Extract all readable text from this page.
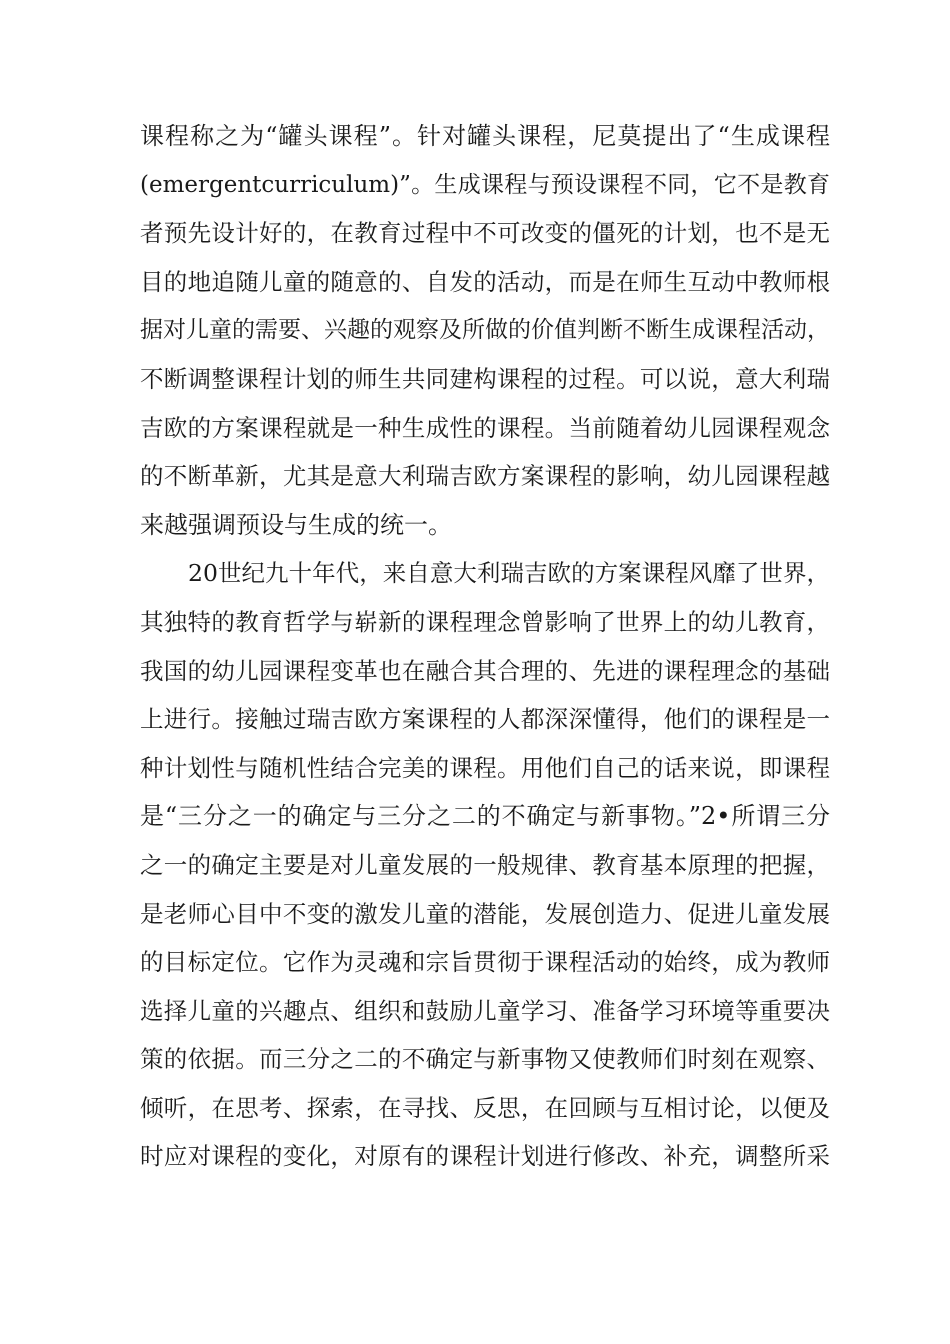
课程称之为“罐头课程”。针对罐头课程，尼莫提出了“生成课程
(emergentcurriculum)”。生成课程与预设课程不同，它不是教育
者预先设计好的，在教育过程中不可改变的僵死的计划，也不是无
目的地追随儿童的随意的、自发的活动，而是在师生互动中教师根
据对儿童的需要、兴趣的观察及所做的价值判断不断生成课程活动，
不断调整课程计划的师生共同建构课程的过程。可以说，意大利瑞
吉欧的方案课程就是一种生成性的课程。当前随着幼儿园课程观念
的不断革新，尤其是意大利瑞吉欧方案课程的影响，幼儿园课程越
来越强调预设与生成的统一。
20世纪九十年代，来自意大利瑞吉欧的方案课程风靡了世界，
其独特的教育哲学与崭新的课程理念曾影响了世界上的幼儿教育，
我国的幼儿园课程变革也在融合其合理的、先进的课程理念的基础
上进行。接触过瑞吉欧方案课程的人都深深懂得，他们的课程是一
种计划性与随机性结合完美的课程。用他们自己的话来说，即课程
是“三分之一的确定与三分之二的不确定与新事物。”2•所谓三分
之一的确定主要是对儿童发展的一般规律、教育基本原理的把握，
是老师心目中不变的激发儿童的潜能，发展创造力、促进儿童发展
的目标定位。它作为灵魂和宗旨贯彻于课程活动的始终，成为教师
选择儿童的兴趣点、组织和鼓励儿童学习、准备学习环境等重要决
策的依据。而三分之二的不确定与新事物又使教师们时刻在观察、
倾听，在思考、探索，在寻找、反思，在回顾与互相讨论，以便及
时应对课程的变化，对原有的课程计划进行修改、补充，调整所采
